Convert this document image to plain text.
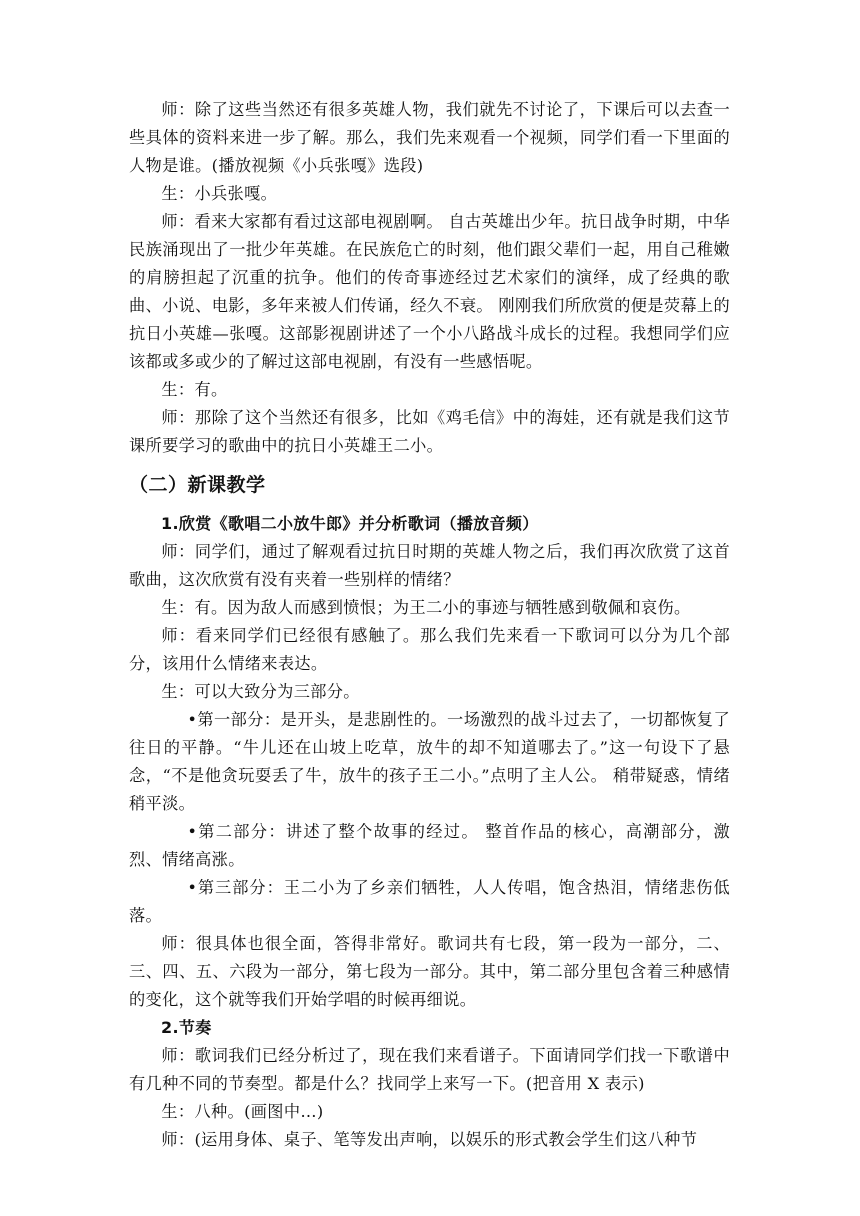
师：除了这些当然还有很多英雄人物，我们就先不讨论了，下课后可以去查一些具体的资料来进一步了解。那么，我们先来观看一个视频，同学们看一下里面的人物是谁。(播放视频《小兵张嘎》选段)

生：小兵张嘎。

师：看来大家都有看过这部电视剧啊。 自古英雄出少年。抗日战争时期，中华民族涌现出了一批少年英雄。在民族危亡的时刻，他们跟父辈们一起，用自己稚嫩的肩膀担起了沉重的抗争。他们的传奇事迹经过艺术家们的演绎，成了经典的歌曲、小说、电影，多年来被人们传诵，经久不衰。 刚刚我们所欣赏的便是荧幕上的抗日小英雄—张嘎。这部影视剧讲述了一个小八路战斗成长的过程。我想同学们应该都或多或少的了解过这部电视剧，有没有一些感悟呢。

生：有。

师：那除了这个当然还有很多，比如《鸡毛信》中的海娃，还有就是我们这节课所要学习的歌曲中的抗日小英雄王二小。

（二）新课教学

1.欣赏《歌唱二小放牛郎》并分析歌词（播放音频）

师：同学们，通过了解观看过抗日时期的英雄人物之后，我们再次欣赏了这首歌曲，这次欣赏有没有夹着一些别样的情绪？

生：有。因为敌人而感到愤恨；为王二小的事迹与牺牲感到敬佩和哀伤。

师：看来同学们已经很有感触了。那么我们先来看一下歌词可以分为几个部分，该用什么情绪来表达。

生：可以大致分为三部分。

•第一部分：是开头，是悲剧性的。一场激烈的战斗过去了，一切都恢复了往日的平静。“牛儿还在山坡上吃草，放牛的却不知道哪去了。”这一句设下了悬念，“不是他贪玩耍丢了牛，放牛的孩子王二小。”点明了主人公。 稍带疑惑，情绪稍平淡。

•第二部分：讲述了整个故事的经过。 整首作品的核心，高潮部分，激烈、情绪高涨。

•第三部分：王二小为了乡亲们牺牲，人人传唱，饱含热泪，情绪悲伤低落。

师：很具体也很全面，答得非常好。歌词共有七段，第一段为一部分，二、三、四、五、六段为一部分，第七段为一部分。其中，第二部分里包含着三种感情的变化，这个就等我们开始学唱的时候再细说。

2.节奏

师：歌词我们已经分析过了，现在我们来看谱子。下面请同学们找一下歌谱中有几种不同的节奏型。都是什么？找同学上来写一下。(把音用 X 表示)

生：八种。(画图中…)

师：(运用身体、桌子、笔等发出声响，以娱乐的形式教会学生们这八种节
